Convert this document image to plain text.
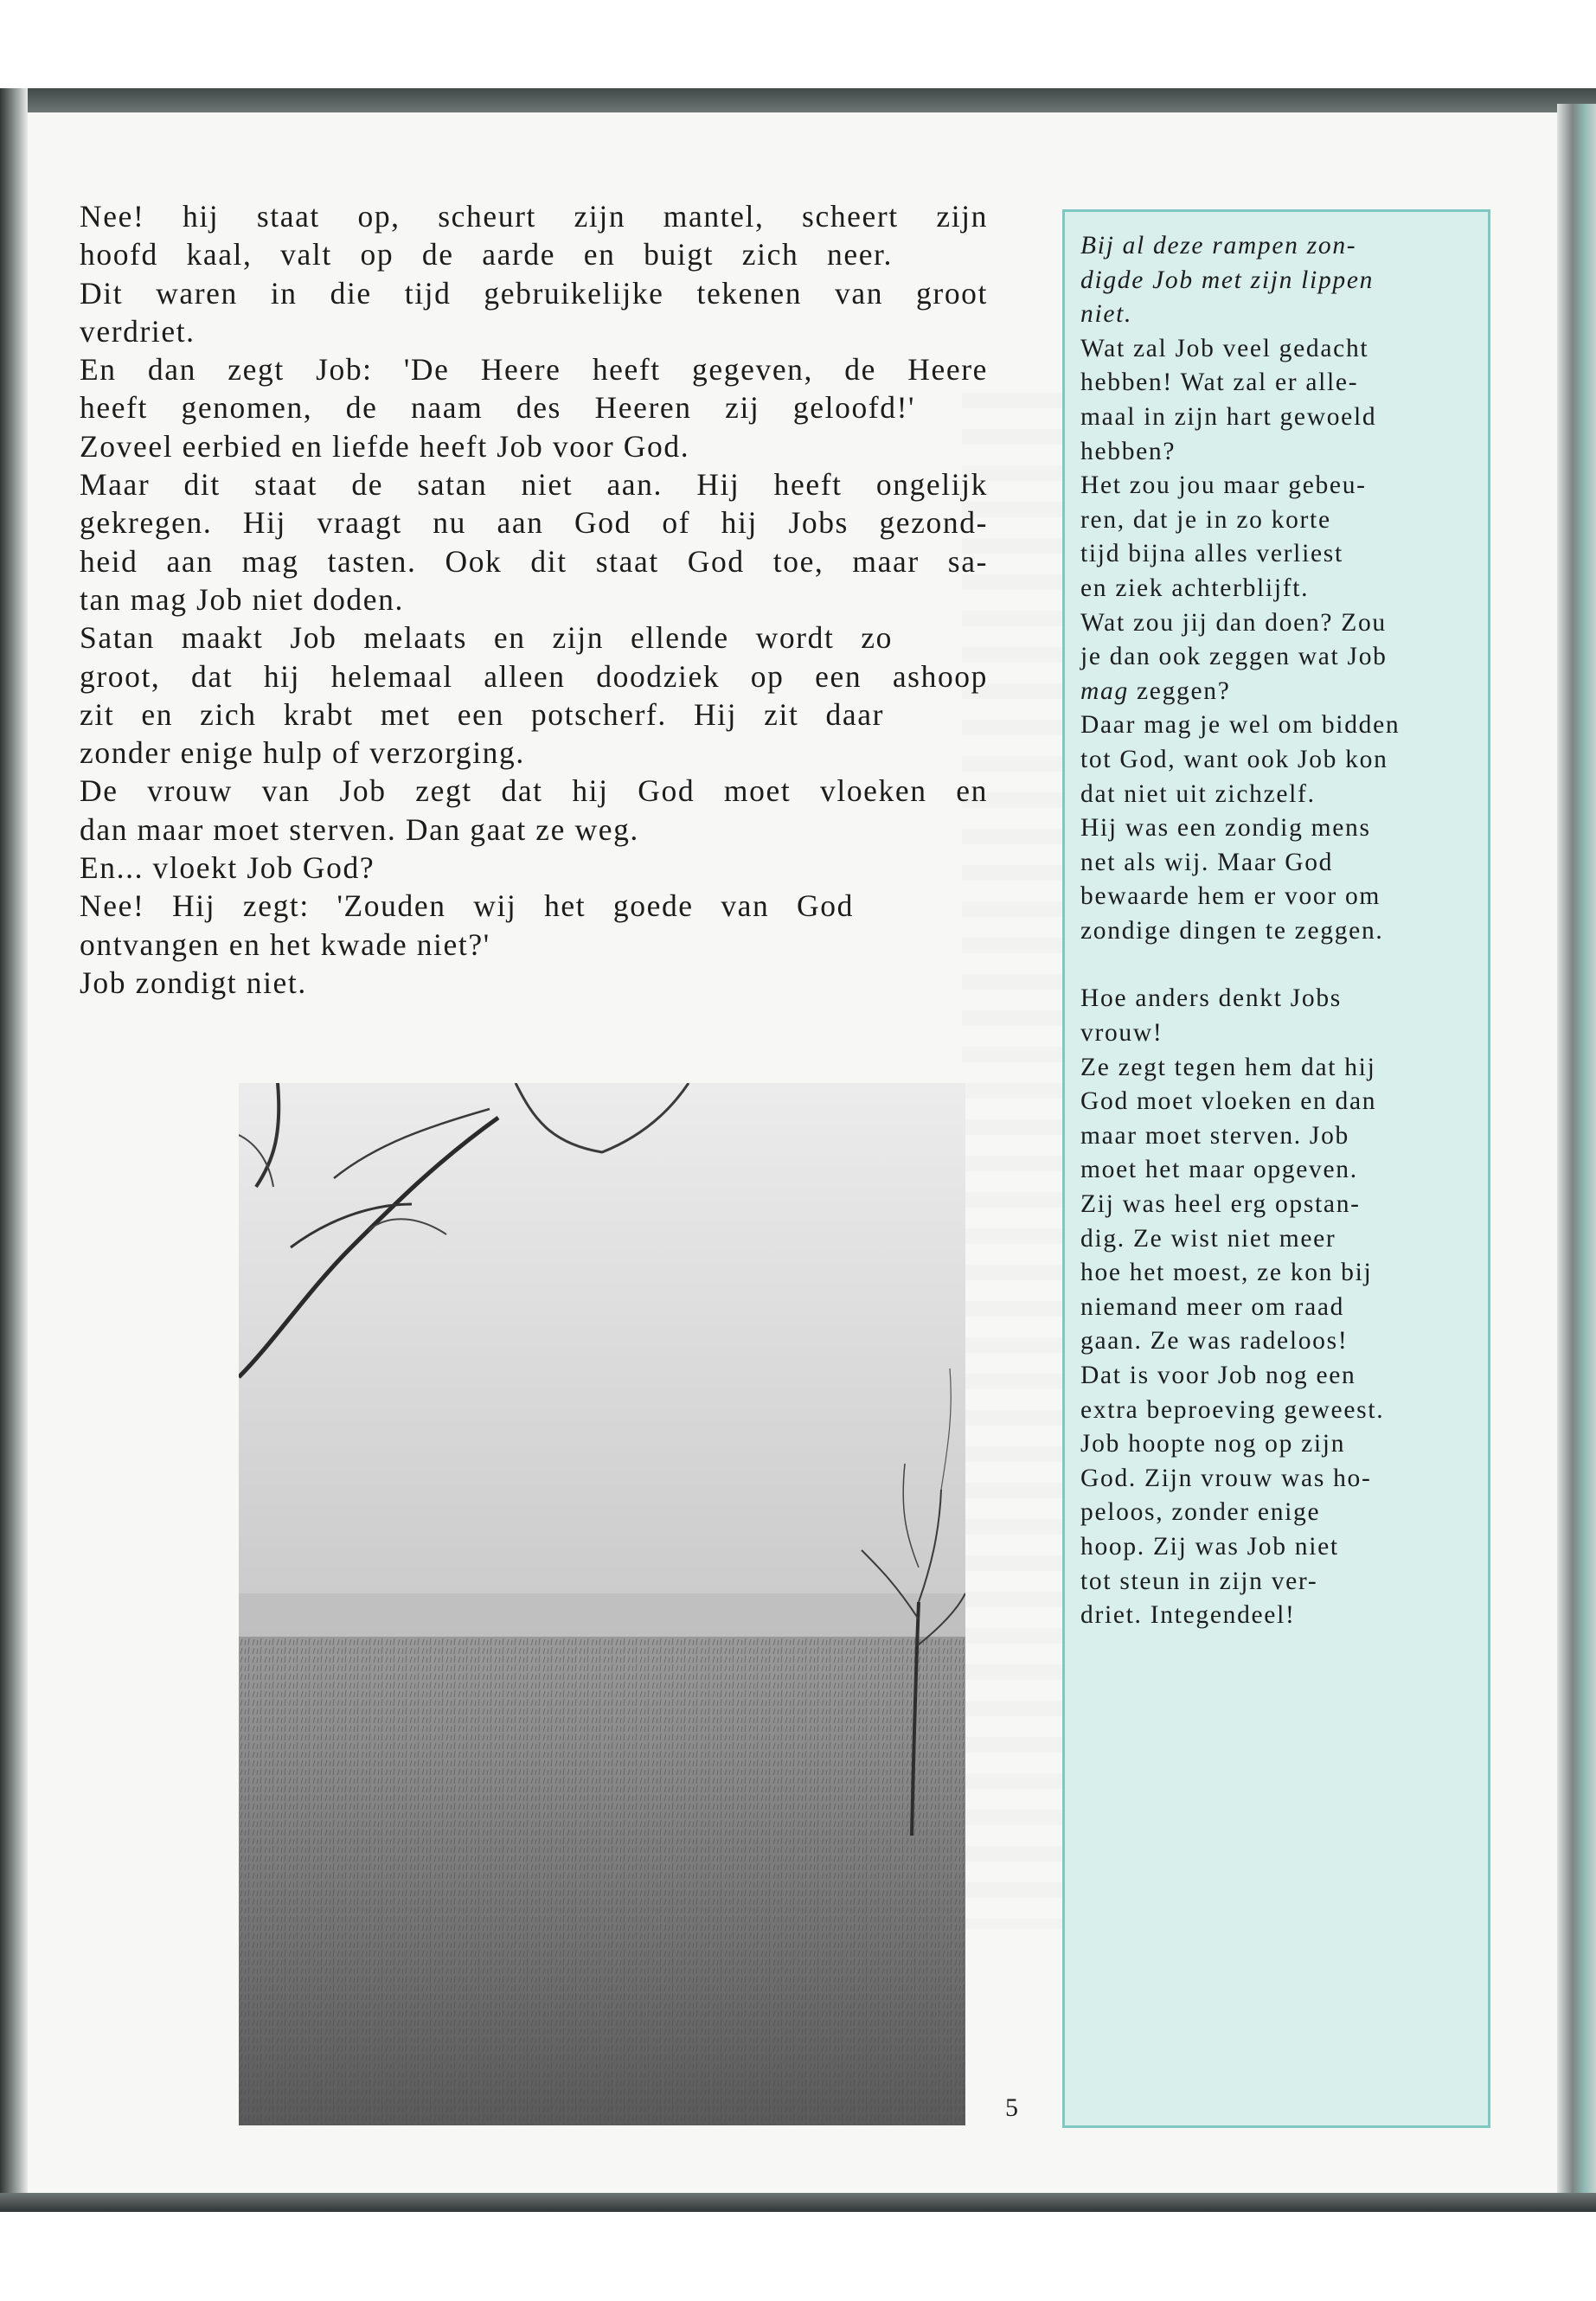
Nee! hij staat op, scheurt zijn mantel, scheert zijn
hoofd kaal, valt op de aarde en buigt zich neer.
Dit waren in die tijd gebruikelijke tekenen van groot
verdriet.
En dan zegt Job: 'De Heere heeft gegeven, de Heere
heeft genomen, de naam des Heeren zij geloofd!'
Zoveel eerbied en liefde heeft Job voor God.
Maar dit staat de satan niet aan. Hij heeft ongelijk
gekregen. Hij vraagt nu aan God of hij Jobs gezond-
heid aan mag tasten. Ook dit staat God toe, maar sa-
tan mag Job niet doden.
Satan maakt Job melaats en zijn ellende wordt zo
groot, dat hij helemaal alleen doodziek op een ashoop
zit en zich krabt met een potscherf. Hij zit daar
zonder enige hulp of verzorging.
De vrouw van Job zegt dat hij God moet vloeken en
dan maar moet sterven. Dan gaat ze weg.
En... vloekt Job God?
Nee! Hij zegt: 'Zouden wij het goede van God
ontvangen en het kwade niet?'
Job zondigt niet.
5
Bij al deze rampen zon-
digde Job met zijn lippen
niet.
Wat zal Job veel gedacht
hebben! Wat zal er alle-
maal in zijn hart gewoeld
hebben?
Het zou jou maar gebeu-
ren, dat je in zo korte
tijd bijna alles verliest
en ziek achterblijft.
Wat zou jij dan doen? Zou
je dan ook zeggen wat Job
mag zeggen?
Daar mag je wel om bidden
tot God, want ook Job kon
dat niet uit zichzelf.
Hij was een zondig mens
net als wij. Maar God
bewaarde hem er voor om
zondige dingen te zeggen.
Hoe anders denkt Jobs
vrouw!
Ze zegt tegen hem dat hij
God moet vloeken en dan
maar moet sterven. Job
moet het maar opgeven.
Zij was heel erg opstan-
dig. Ze wist niet meer
hoe het moest, ze kon bij
niemand meer om raad
gaan. Ze was radeloos!
Dat is voor Job nog een
extra beproeving geweest.
Job hoopte nog op zijn
God. Zijn vrouw was ho-
peloos, zonder enige
hoop. Zij was Job niet
tot steun in zijn ver-
driet. Integendeel!
